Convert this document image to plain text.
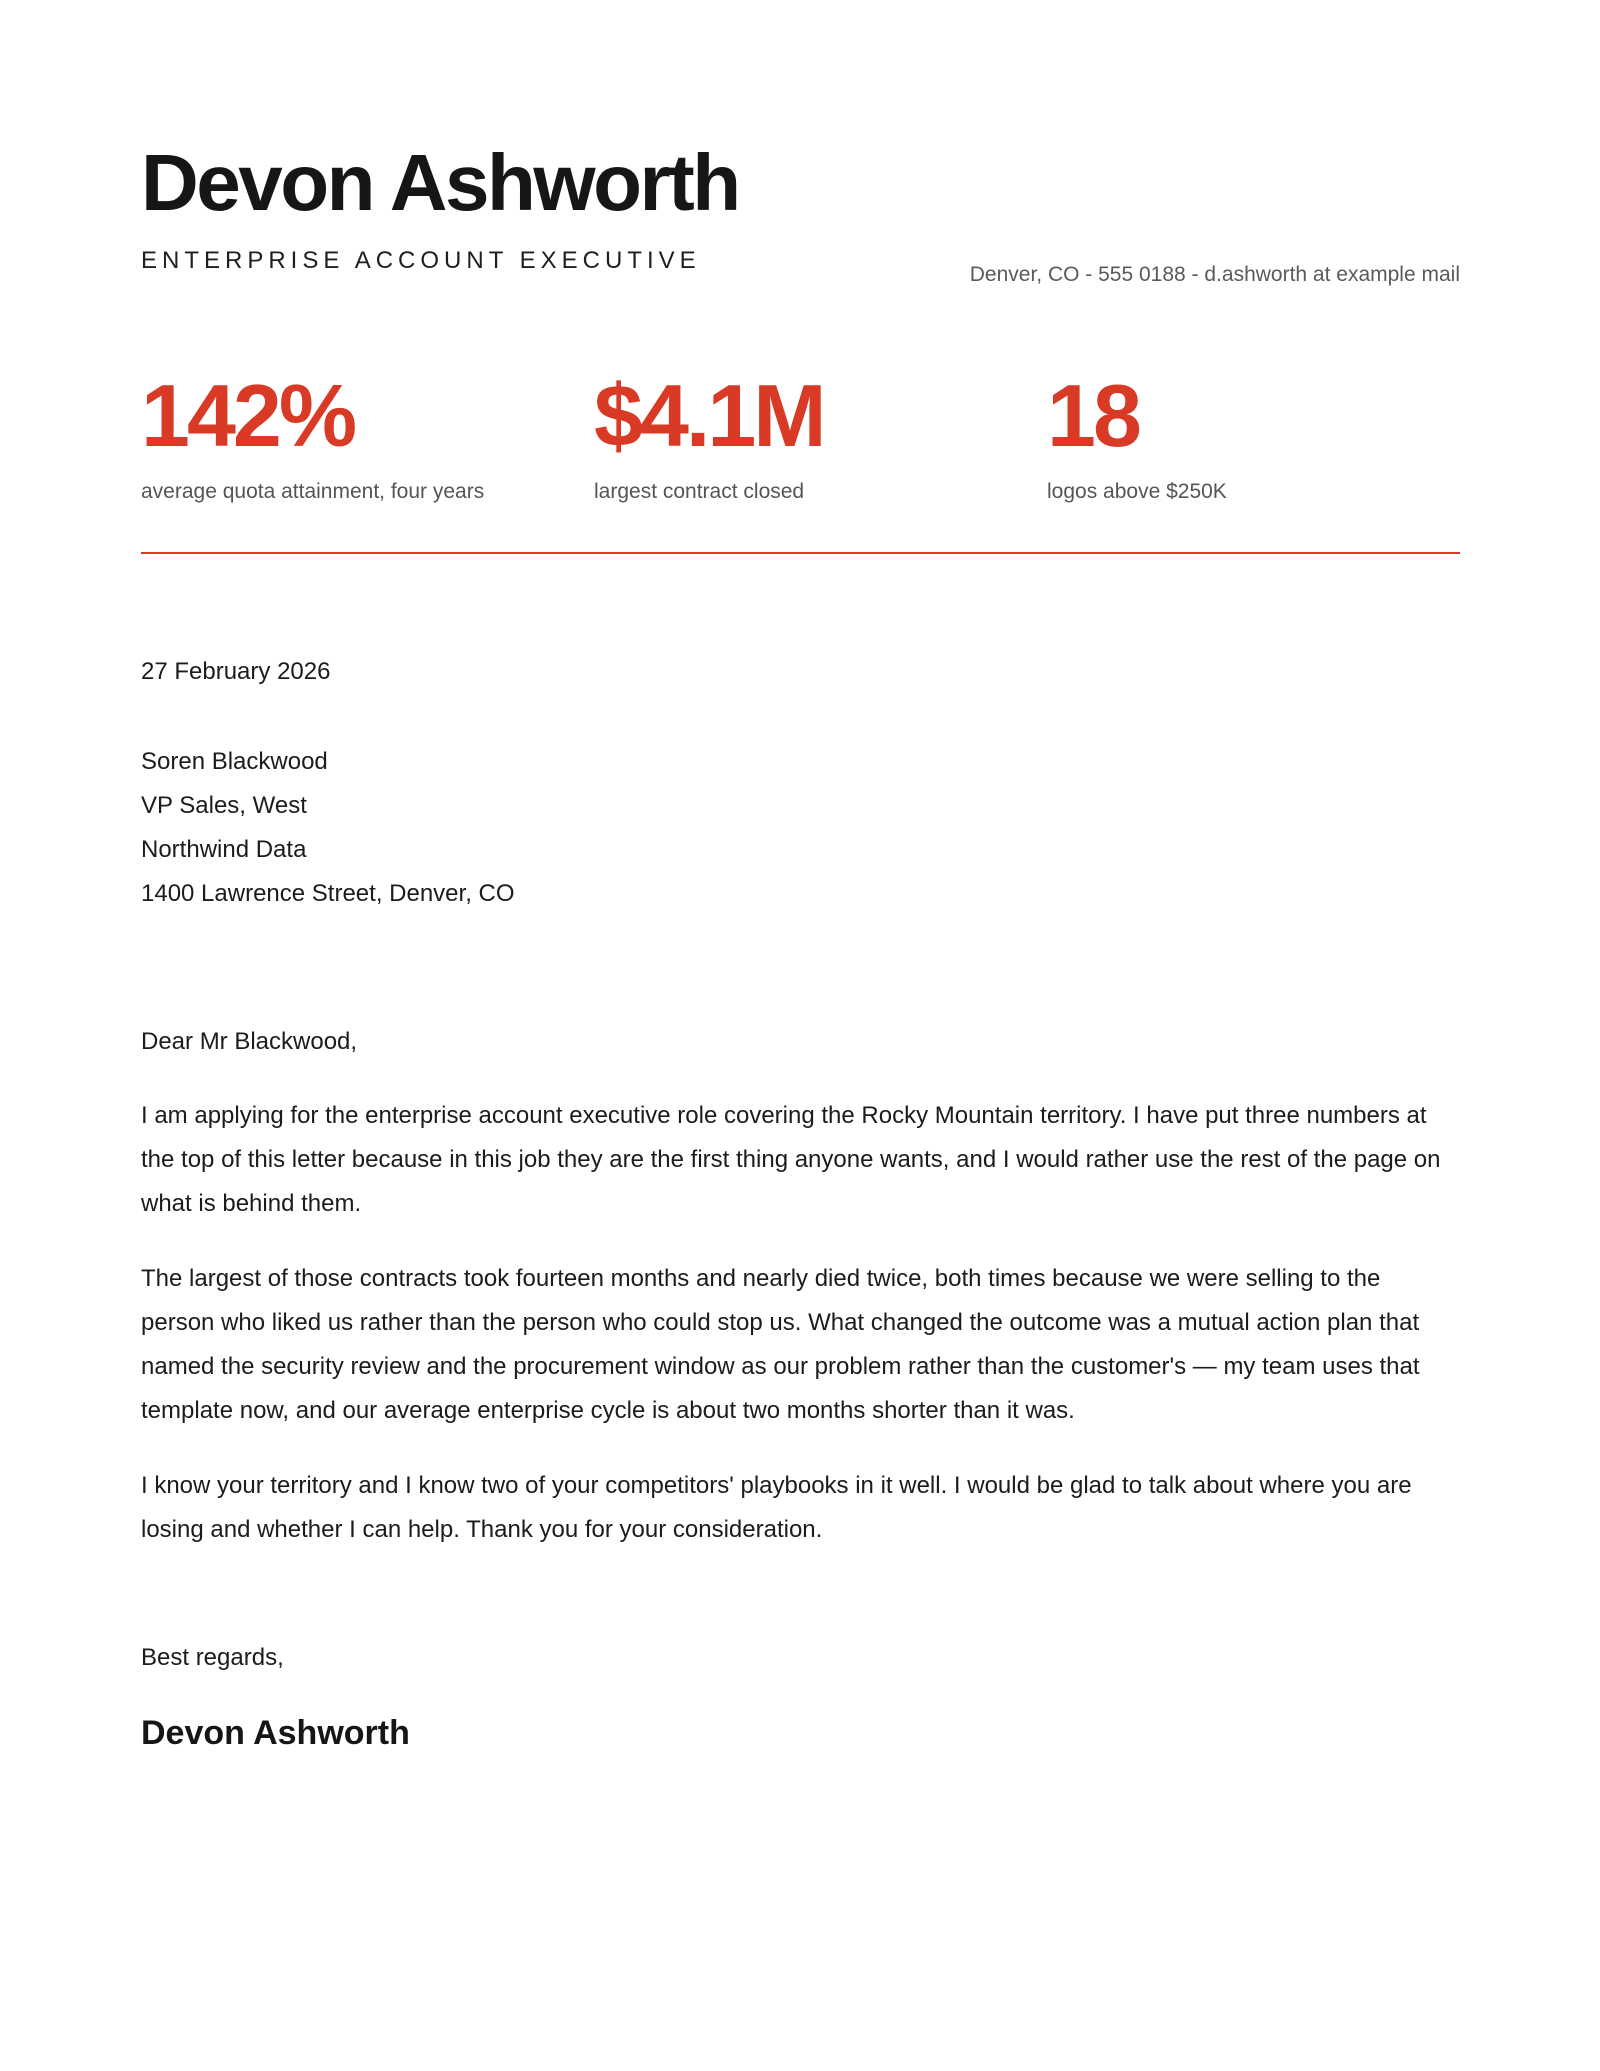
Devon Ashworth
ENTERPRISE ACCOUNT EXECUTIVE
Denver, CO - 555 0188 - d.ashworth at example mail
142%
average quota attainment, four years
$4.1M
largest contract closed
18
logos above $250K
27 February 2026
Soren Blackwood
VP Sales, West
Northwind Data
1400 Lawrence Street, Denver, CO

Dear Mr Blackwood,

I am applying for the enterprise account executive role covering the Rocky Mountain territory. I have put three numbers at the top of this letter because in this job they are the first thing anyone wants, and I would rather use the rest of the page on what is behind them.

The largest of those contracts took fourteen months and nearly died twice, both times because we were selling to the person who liked us rather than the person who could stop us. What changed the outcome was a mutual action plan that named the security review and the procurement window as our problem rather than the customer's — my team uses that template now, and our average enterprise cycle is about two months shorter than it was.

I know your territory and I know two of your competitors' playbooks in it well. I would be glad to talk about where you are losing and whether I can help. Thank you for your consideration.

Best regards,
Devon Ashworth
